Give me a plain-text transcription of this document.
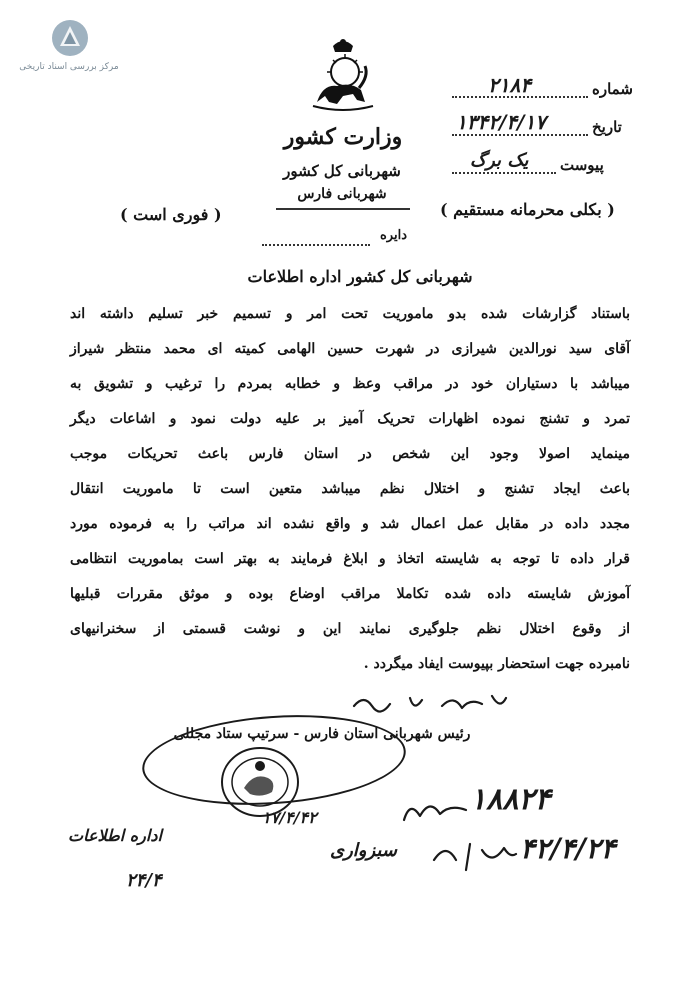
مرکز بررسی اسناد تاریخی
وزارت کشور
شهربانی کل کشور
شهربانی فارس
دایره
( فوری است )	( بکلی محرمانه مستقیم )
شماره
۲۱۸۴
تاریخ
۱۳۴۲/۴/۱۷
پیوست
یک برگ
شهربانی کل کشور اداره اطلاعات
باستناد گزارشات شده بدو ماموریت تحت امر و تسمیم خبر تسلیم داشته اند
آقای سید نورالدین شیرازی در شهرت حسین الهامی کمیته ای محمد منتظر شیراز
میباشد با دستیاران خود در مراقب وعظ و خطابه بمردم را ترغیب و تشویق به
تمرد و تشنج نموده اظهارات تحریک آمیز بر علیه دولت نمود و اشاعات دیگر
مینماید اصولا وجود این شخص در استان فارس باعث تحریکات موجب
باعث ایجاد تشنج و اختلال نظم میباشد متعین است تا ماموریت انتقال
مجدد داده در مقابل عمل اعمال شد و واقع نشده اند مراتب را به فرموده مورد
قرار داده تا توجه به شایسته اتخاذ و ابلاغ فرمایند به بهتر است بماموریت انتظامی
آموزش شایسته داده شده تکاملا مراقب اوضاع بوده و موثق مقررات قبلیها
از وقوع اختلال نظم جلوگیری نمایند این و نوشت قسمتی از سخنرانیهای
نامبرده جهت استحضار بپیوست ایفاد میگردد .
رئیس شهربانی استان فارس - سرتیپ ستاد مجللی
۱۷/۴/۴۲
۱۸۸۲۴
۴۲/۴/۲۴
سبزواری
اداره اطلاعات
۲۴/۴
